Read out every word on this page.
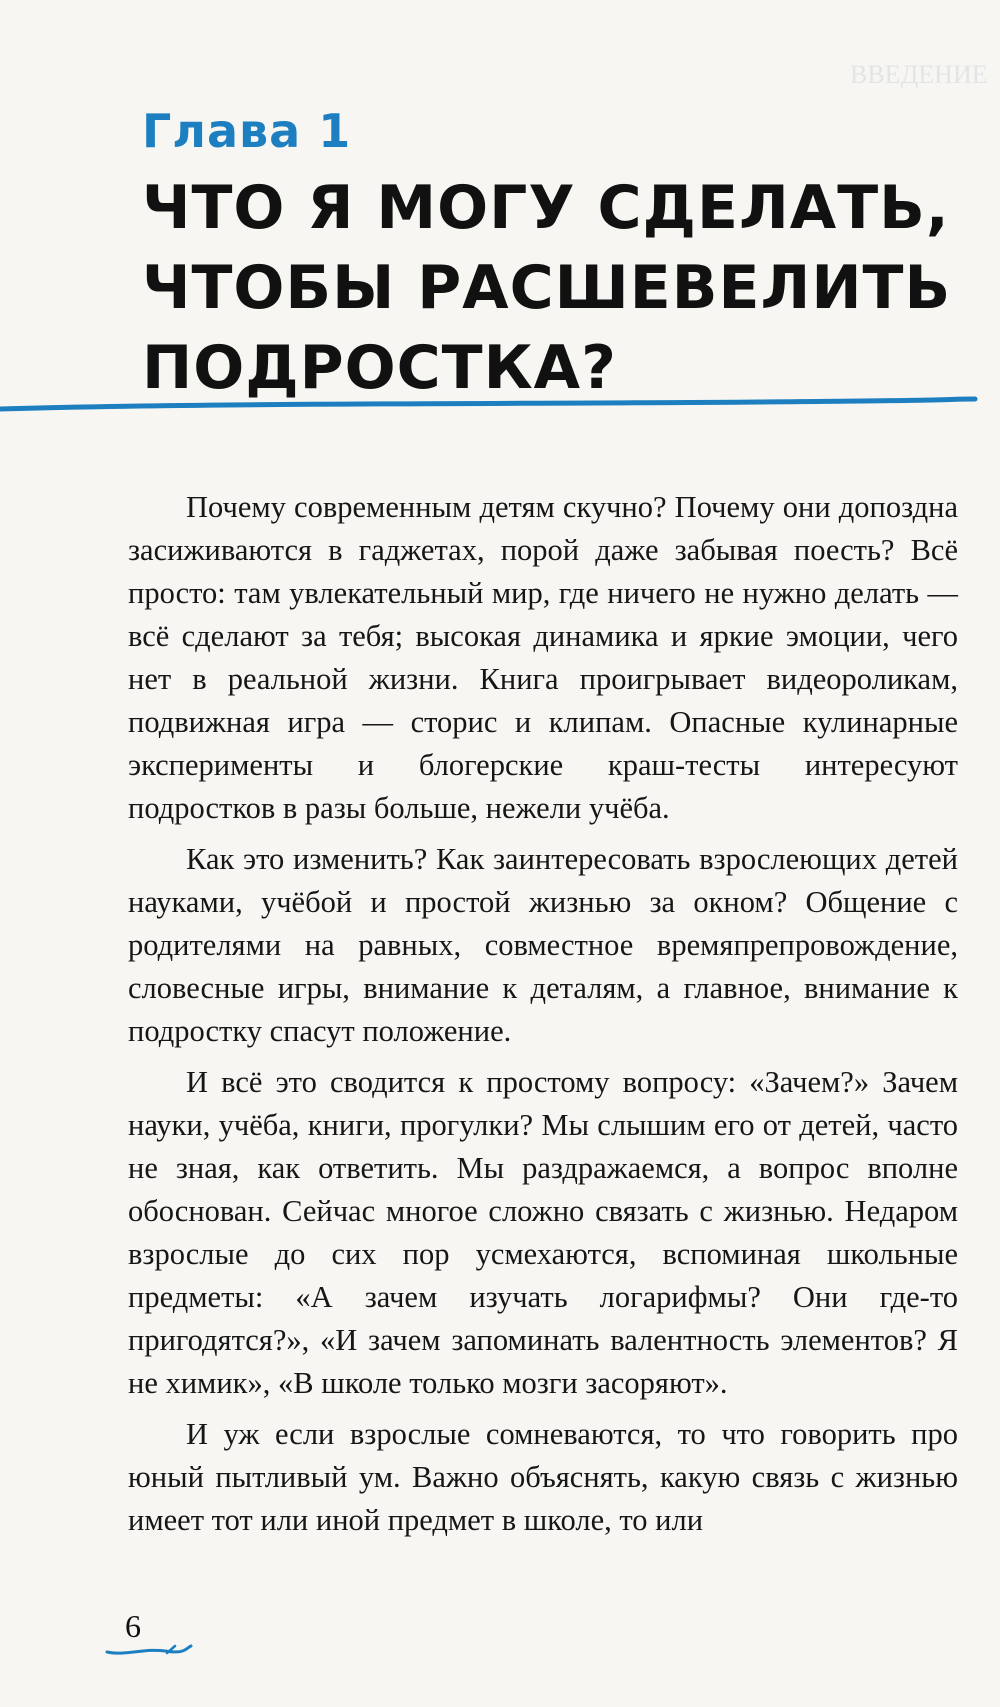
ВВЕДЕНИЕ
Глава 1
ЧТО Я МОГУ СДЕЛАТЬ,
ЧТОБЫ РАСШЕВЕЛИТЬ
ПОДРОСТКА?

Почему современным детям скучно? Почему они допоздна засиживаются в гаджетах, порой даже забывая поесть? Всё просто: там увлекательный мир, где ничего не нужно делать — всё сделают за тебя; высокая динамика и яркие эмоции, чего нет в реальной жизни. Книга проигрывает видеороликам, подвижная игра — сторис и клипам. Опасные кулинарные эксперименты и блогерские краш-тесты интересуют подростков в разы больше, нежели учёба.

Как это изменить? Как заинтересовать взрослеющих детей науками, учёбой и простой жизнью за окном? Общение с родителями на равных, совместное времяпрепровождение, словесные игры, внимание к деталям, а главное, внимание к подростку спасут положение.

И всё это сводится к простому вопросу: «Зачем?» Зачем науки, учёба, книги, прогулки? Мы слышим его от детей, часто не зная, как ответить. Мы раздражаемся, а вопрос вполне обоснован. Сейчас многое сложно связать с жизнью. Недаром взрослые до сих пор усмехаются, вспоминая школьные предметы: «А зачем изучать логарифмы? Они где-то пригодятся?», «И зачем запоминать валентность элементов? Я не химик», «В школе только мозги засоряют».

И уж если взрослые сомневаются, то что говорить про юный пытливый ум. Важно объяснять, какую связь с жизнью имеет тот или иной предмет в школе, то или

6
